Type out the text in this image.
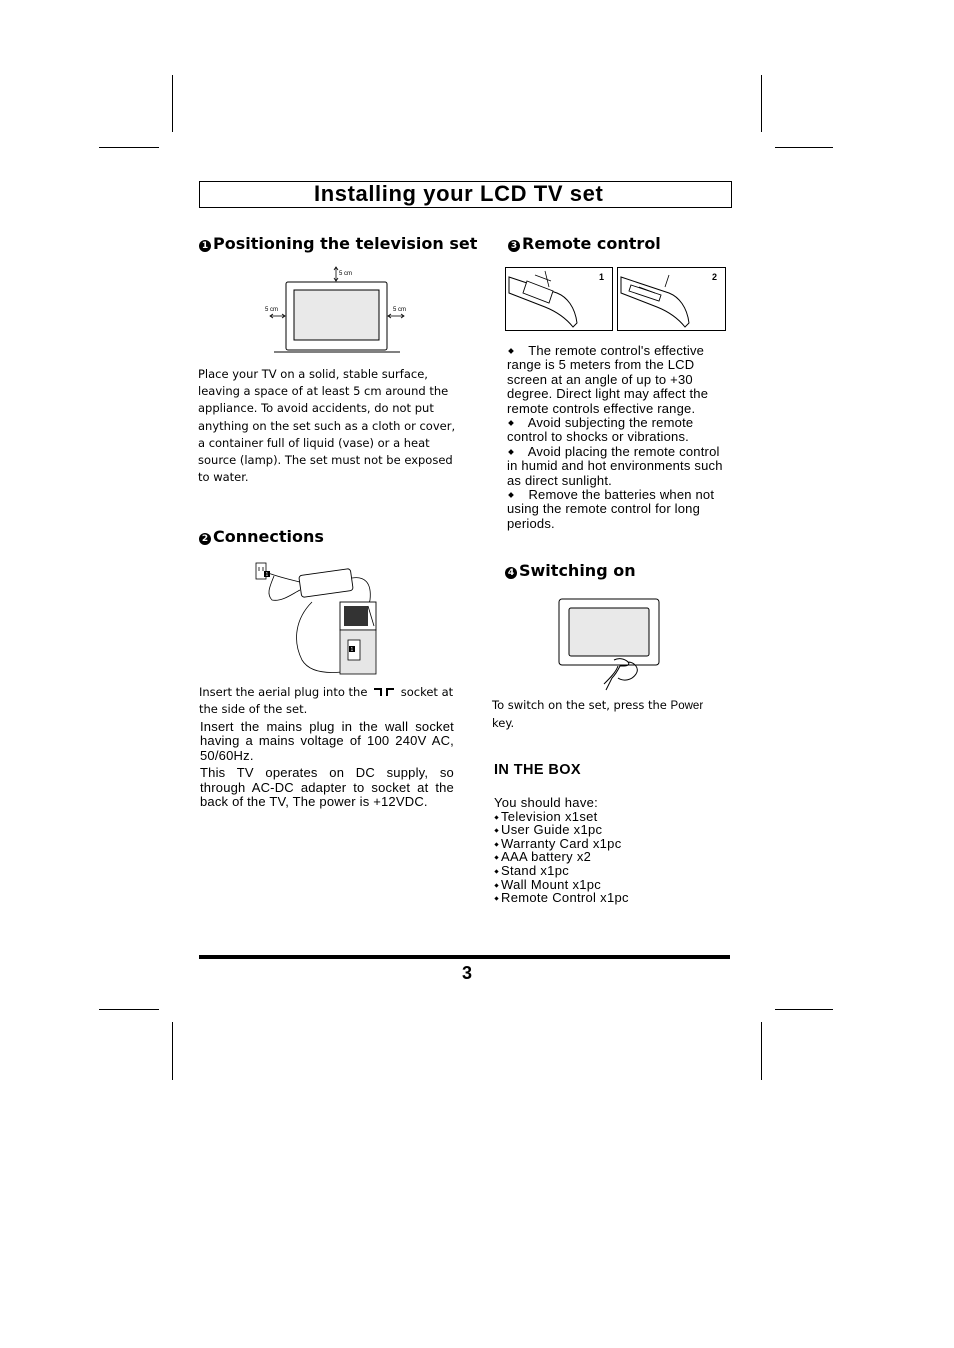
Installing your LCD TV set
1 Positioning the television set
5 cm
5 cm	5 cm
Place your TV on a solid, stable surface, leaving a space of at least 5 cm around the appliance. To avoid accidents, do not put anything on the set such as a cloth or cover, a container full of liquid (vase) or a heat source (lamp). The set must not be exposed to water.
2 Connections
1
1
Insert the aerial plug into the	socket at the side of the set.

Insert the mains plug in the wall socket having a mains voltage of 100 240V AC, 50/60Hz.

This TV operates on DC supply, so through AC-DC adapter to socket at the back of the TV, The power is +12VDC.

3 Remote control
1	2

The remote control's effective range is 5 meters from the LCD screen at an angle of up to +30 degree. Direct light may affect the remote controls effective range.

Avoid subjecting the remote control to shocks or vibrations.

Avoid placing the remote control in humid and hot environments such as direct sunlight.

Remove the batteries when not using the remote control for long periods.

4 Switching on
To switch on the set, press the Power key.
IN THE BOX
You should have:
Television x1set
User Guide x1pc
Warranty Card x1pc
AAA battery x2
Stand x1pc
Wall Mount x1pc
Remote Control x1pc
3
